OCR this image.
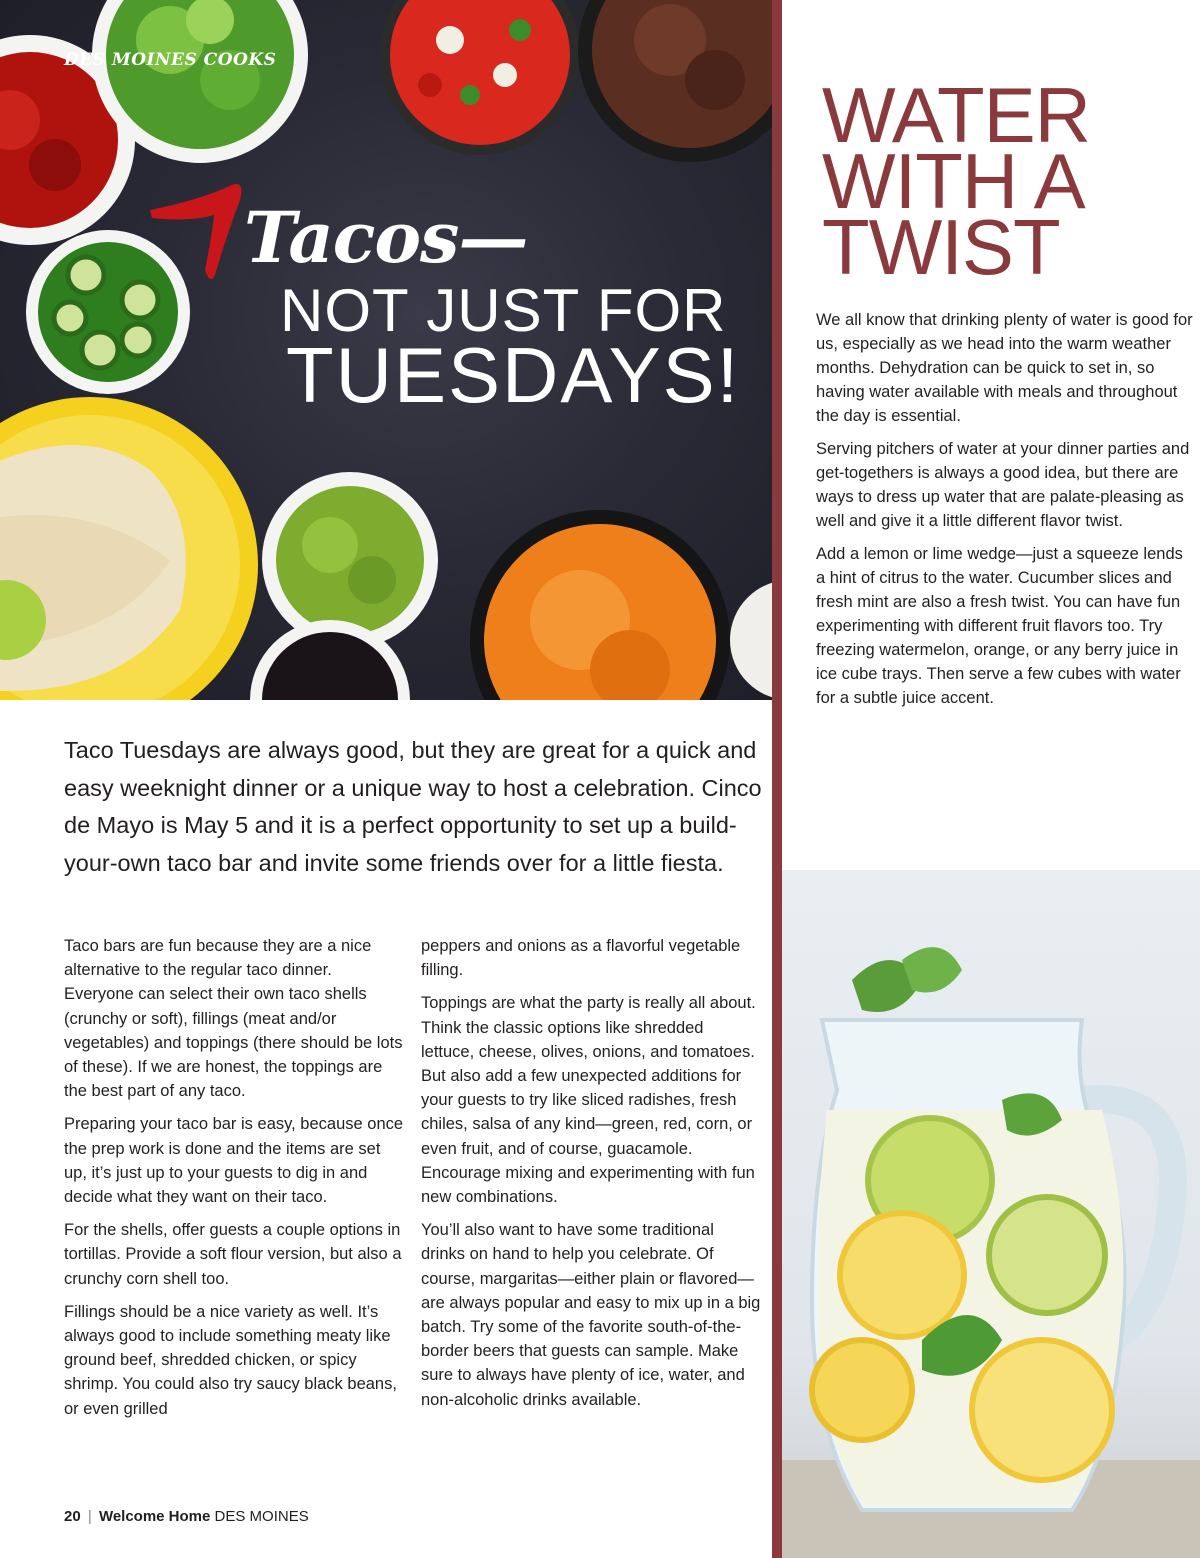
DES MOINES COOKS
Tacos—
NOT JUST FOR
TUESDAYS!
WATER
WITH A
TWIST

We all know that drinking plenty of water is good for us, especially as we head into the warm weather months. Dehydration can be quick to set in, so having water available with meals and throughout the day is essential.

Serving pitchers of water at your dinner parties and get-togethers is always a good idea, but there are ways to dress up water that are palate-pleasing as well and give it a little different flavor twist.

Add a lemon or lime wedge—just a squeeze lends a hint of citrus to the water. Cucumber slices and fresh mint are also a fresh twist. You can have fun experimenting with different fruit flavors too. Try freezing watermelon, orange, or any berry juice in ice cube trays. Then serve a few cubes with water for a subtle juice accent.

Taco Tuesdays are always good, but they are great for a quick and easy weeknight dinner or a unique way to host a celebration. Cinco de Mayo is May 5 and it is a perfect opportunity to set up a build-your-own taco bar and invite some friends over for a little fiesta.

Taco bars are fun because they are a nice alternative to the regular taco dinner. Everyone can select their own taco shells (crunchy or soft), fillings (meat and/or vegetables) and toppings (there should be lots of these). If we are honest, the toppings are the best part of any taco.

Preparing your taco bar is easy, because once the prep work is done and the items are set up, it’s just up to your guests to dig in and decide what they want on their taco.

For the shells, offer guests a couple options in tortillas. Provide a soft flour version, but also a crunchy corn shell too.

Fillings should be a nice variety as well. It’s always good to include something meaty like ground beef, shredded chicken, or spicy shrimp. You could also try saucy black beans, or even grilled

peppers and onions as a flavorful vegetable filling.

Toppings are what the party is really all about. Think the classic options like shredded lettuce, cheese, olives, onions, and tomatoes. But also add a few unexpected additions for your guests to try like sliced radishes, fresh chiles, salsa of any kind—green, red, corn, or even fruit, and of course, guacamole. Encourage mixing and experimenting with fun new combinations.

You’ll also want to have some traditional drinks on hand to help you celebrate. Of course, margaritas—either plain or flavored—are always popular and easy to mix up in a big batch. Try some of the favorite south-of-the-border beers that guests can sample. Make sure to always have plenty of ice, water, and non-alcoholic drinks available.

20 | Welcome Home DES MOINES
